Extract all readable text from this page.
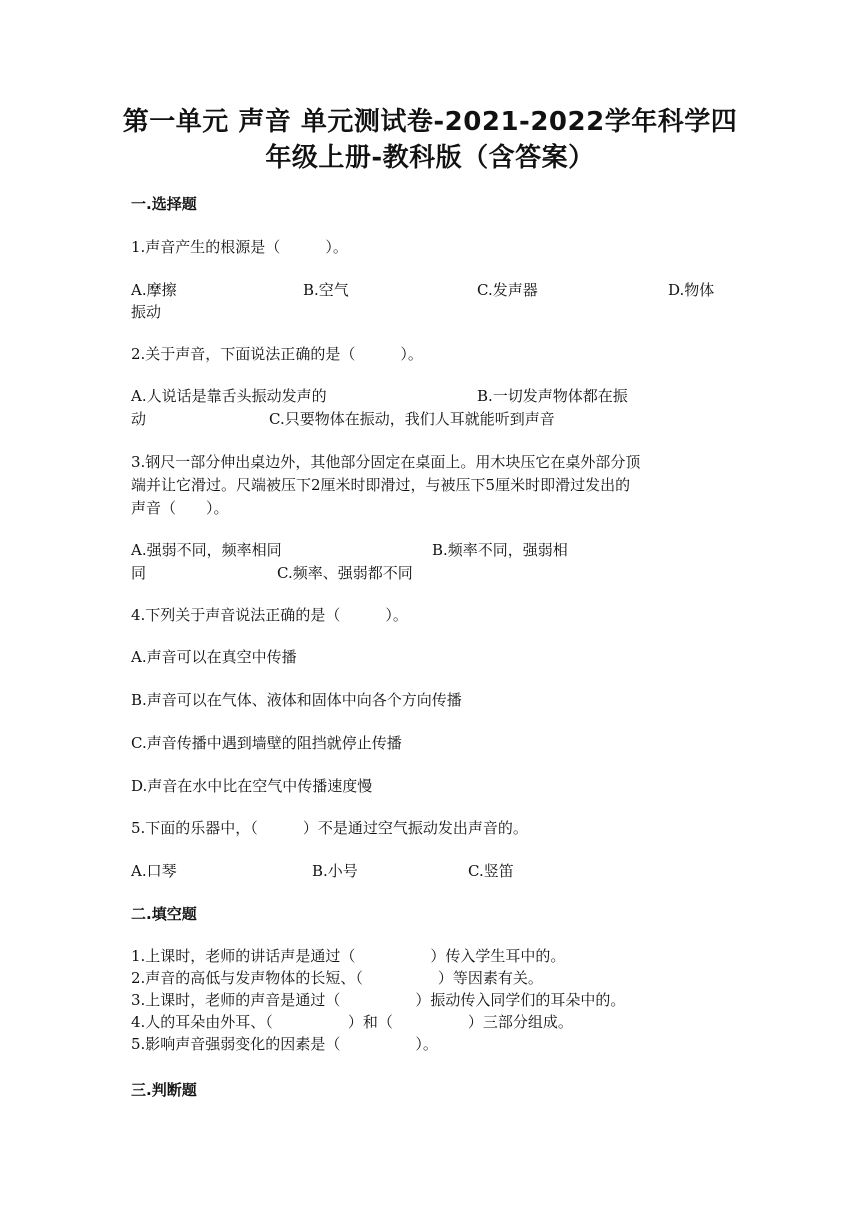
第一单元 声音 单元测试卷-2021-2022学年科学四
年级上册-教科版（含答案）
一.选择题
1.声音产生的根源是（　　　）。
A.摩擦	B.空气	C.发声器	D.物体
振动
2.关于声音，下面说法正确的是（　　　）。
A.人说话是靠舌头振动发声的	B.一切发声物体都在振
动	C.只要物体在振动，我们人耳就能听到声音
3.钢尺一部分伸出桌边外，其他部分固定在桌面上。用木块压它在桌外部分顶
端并让它滑过。尺端被压下2厘米时即滑过，与被压下5厘米时即滑过发出的
声音（　　）。
A.强弱不同，频率相同	B.频率不同，强弱相
同	C.频率、强弱都不同
4.下列关于声音说法正确的是（　　　）。
A.声音可以在真空中传播
B.声音可以在气体、液体和固体中向各个方向传播
C.声音传播中遇到墙壁的阻挡就停止传播
D.声音在水中比在空气中传播速度慢
5.下面的乐器中，（　　　）不是通过空气振动发出声音的。
A.口琴	B.小号	C.竖笛
二.填空题
1.上课时，老师的讲话声是通过（　　　　　）传入学生耳中的。
2.声音的高低与发声物体的长短、（　　　　　）等因素有关。
3.上课时，老师的声音是通过（　　　　　）振动传入同学们的耳朵中的。
4.人的耳朵由外耳、（　　　　　）和（　　　　　）三部分组成。
5.影响声音强弱变化的因素是（　　　　　）。
三.判断题
